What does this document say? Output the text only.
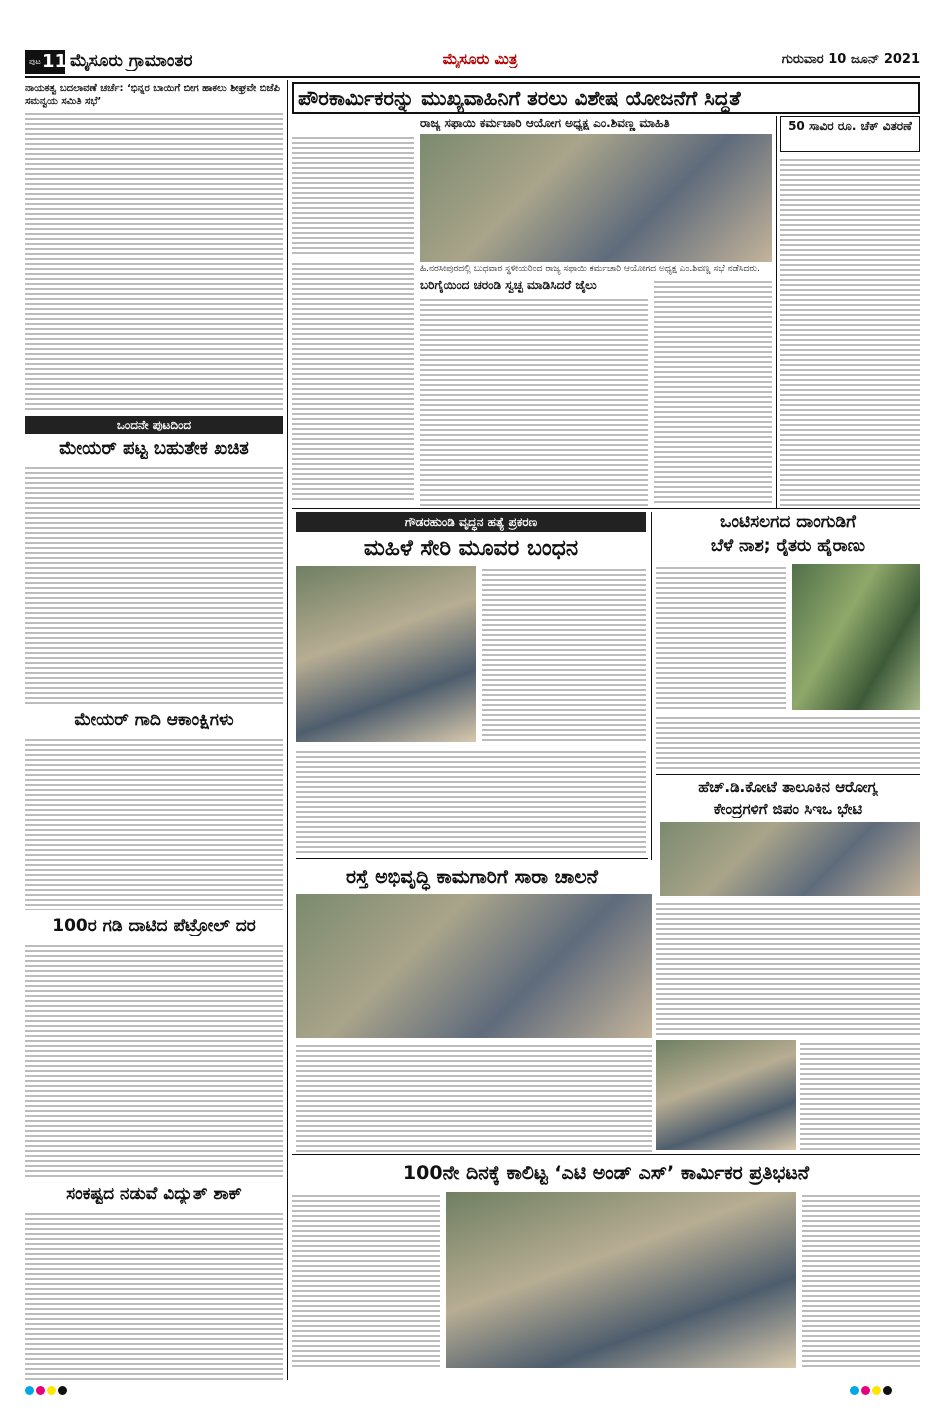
ಪುಟ 11 ಮೈಸೂರು ಗ್ರಾಮಾಂತರ	ಮೈಸೂರು ಮಿತ್ರ	ಗುರುವಾರ 10 ಜೂನ್ 2021
ನಾಯಕತ್ವ ಬದಲಾವಣೆ ಚರ್ಚೆ: ‘ಭಿನ್ನರ ಬಾಯಿಗೆ ಬೀಗ ಹಾಕಲು ಶೀಘ್ರವೇ ಬಿಜೆಪಿ ಸಮನ್ವಯ ಸಮಿತಿ ಸಭೆ’
ಒಂದನೇ ಪುಟದಿಂದ
ಮೇಯರ್ ಪಟ್ಟ ಬಹುತೇಕ ಖಚಿತ
ಮೇಯರ್ ಗಾದಿ ಆಕಾಂಕ್ಷಿಗಳು
100ರ ಗಡಿ ದಾಟಿದ ಪೆಟ್ರೋಲ್ ದರ
ಸಂಕಷ್ಟದ ನಡುವೆ ವಿದ್ಯುತ್ ಶಾಕ್
ಪೌರಕಾರ್ಮಿಕರನ್ನು ಮುಖ್ಯವಾಹಿನಿಗೆ ತರಲು ವಿಶೇಷ ಯೋಜನೆಗೆ ಸಿದ್ಧತೆ
ರಾಜ್ಯ ಸಫಾಯಿ ಕರ್ಮಚಾರಿ ಆಯೋಗ ಅಧ್ಯಕ್ಷ ಎಂ.ಶಿವಣ್ಣ ಮಾಹಿತಿ
ಹಿ.ನರಸೀಪುರದಲ್ಲಿ ಬುಧವಾರ ಸ್ಥಳೀಯರಿಂದ ರಾಜ್ಯ ಸಫಾಯಿ ಕರ್ಮಚಾರಿ ಆಯೋಗದ ಅಧ್ಯಕ್ಷ ಎಂ.ಶಿವಣ್ಣ ಸಭೆ ನಡೆಸಿದರು.
ಬರಿಗೈಯಿಂದ ಚರಂಡಿ ಸ್ವಚ್ಛ ಮಾಡಿಸಿದರೆ ಜೈಲು
50 ಸಾವಿರ ರೂ. ಚೆಕ್ ವಿತರಣೆ
ಗೌಡರಹುಂಡಿ ವೃದ್ಧನ ಹತ್ಯೆ ಪ್ರಕರಣ
ಮಹಿಳೆ ಸೇರಿ ಮೂವರ ಬಂಧನ
ಒಂಟಿಸಲಗದ ದಾಂಗುಡಿಗೆ
ಬೆಳೆ ನಾಶ; ರೈತರು ಹೈರಾಣು
ಹೆಚ್.ಡಿ.ಕೋಟೆ ತಾಲೂಕಿನ ಆರೋಗ್ಯ
ಕೇಂದ್ರಗಳಿಗೆ ಜಿಪಂ ಸಿಇಒ ಭೇಟಿ
ರಸ್ತೆ ಅಭಿವೃದ್ಧಿ ಕಾಮಗಾರಿಗೆ ಸಾರಾ ಚಾಲನೆ
100ನೇ ದಿನಕ್ಕೆ ಕಾಲಿಟ್ಟ ‘ಎಟಿ ಅಂಡ್ ಎಸ್’ ಕಾರ್ಮಿಕರ ಪ್ರತಿಭಟನೆ
